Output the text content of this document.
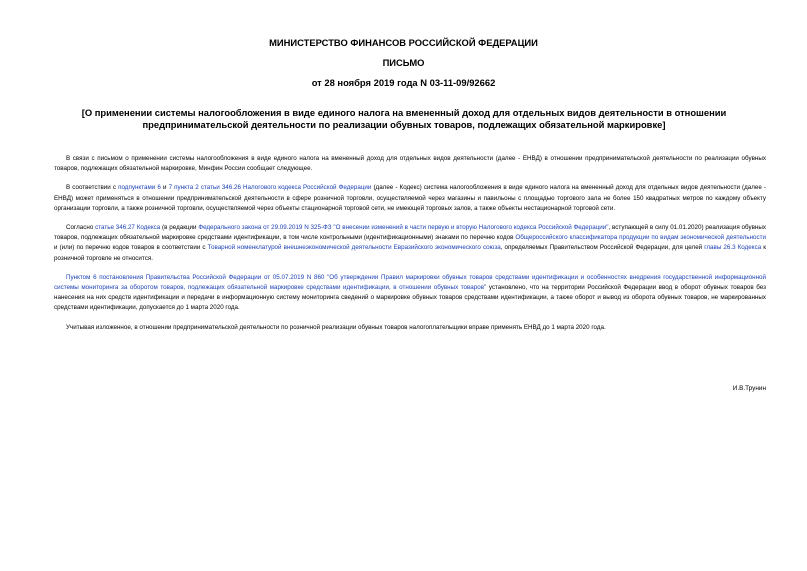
МИНИСТЕРСТВО ФИНАНСОВ РОССИЙСКОЙ ФЕДЕРАЦИИ

ПИСЬМО

от 28 ноября 2019 года N 03-11-09/92662

[О применении системы налогообложения в виде единого налога на вмененный доход для отдельных видов деятельности в отношении предпринимательской деятельности по реализации обувных товаров, подлежащих обязательной маркировке]

В связи с письмом о применении системы налогообложения в виде единого налога на вмененный доход для отдельных видов деятельности (далее - ЕНВД) в отношении предпринимательской деятельности по реализации обувных товаров, подлежащих обязательной маркировке, Минфин России сообщает следующее.

В соответствии с подпунктами 6 и 7 пункта 2 статьи 346.26 Налогового кодекса Российской Федерации (далее - Кодекс) система налогообложения в виде единого налога на вмененный доход для отдельных видов деятельности (далее - ЕНВД) может применяться в отношении предпринимательской деятельности в сфере розничной торговли, осуществляемой через магазины и павильоны с площадью торгового зала не более 150 квадратных метров по каждому объекту организации торговли, а также розничной торговли, осуществляемой через объекты стационарной торговой сети, не имеющей торговых залов, а также объекты нестационарной торговой сети.

Согласно статье 346.27 Кодекса (в редакции Федерального закона от 29.09.2019 N 325-ФЗ "О внесении изменений в части первую и вторую Налогового кодекса Российской Федерации", вступающей в силу 01.01.2020) реализация обувных товаров, подлежащих обязательной маркировке средствами идентификации, в том числе контрольными (идентификационными) знаками по перечню кодов Общероссийского классификатора продукции по видам экономической деятельности и (или) по перечню кодов товаров в соответствии с Товарной номенклатурой внешнеэкономической деятельности Евразийского экономического союза, определяемых Правительством Российской Федерации, для целей главы 26.3 Кодекса к розничной торговле не относится.

Пунктом 6 постановления Правительства Российской Федерации от 05.07.2019 N 860 "Об утверждении Правил маркировки обувных товаров средствами идентификации и особенностях внедрения государственной информационной системы мониторинга за оборотом товаров, подлежащих обязательной маркировке средствами идентификации, в отношении обувных товаров" установлено, что на территории Российской Федерации ввод в оборот обувных товаров без нанесения на них средств идентификации и передачи в информационную систему мониторинга сведений о маркировке обувных товаров средствами идентификации, а также оборот и вывод из оборота обувных товаров, не маркированных средствами идентификации, допускается до 1 марта 2020 года.

Учитывая изложенное, в отношении предпринимательской деятельности по розничной реализации обувных товаров налогоплательщики вправе применять ЕНВД до 1 марта 2020 года.

И.В.Трунин
